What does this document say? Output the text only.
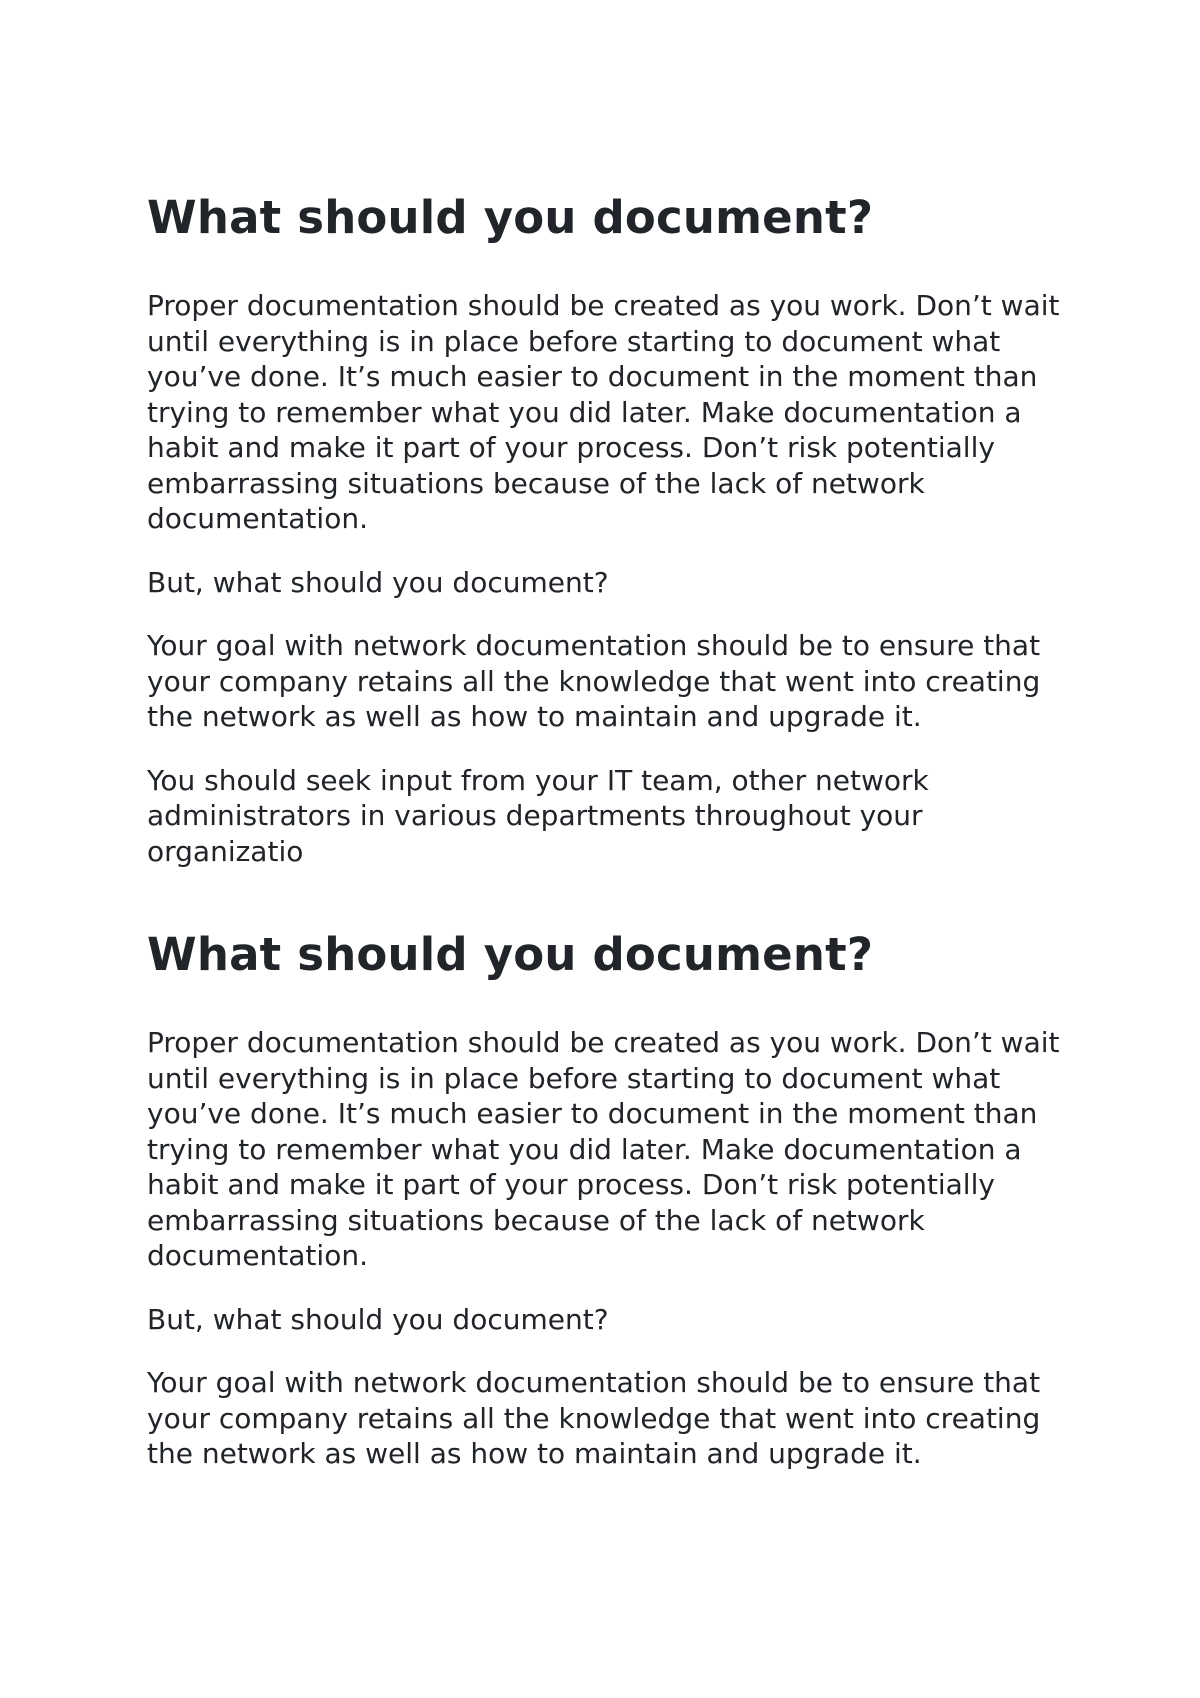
What should you document?

Proper documentation should be created as you work. Don’t wait until everything is in place before starting to document what you’ve done. It’s much easier to document in the moment than trying to remember what you did later. Make documentation a habit and make it part of your process. Don’t risk potentially embarrassing situations because of the lack of network documentation.

But, what should you document?

Your goal with network documentation should be to ensure that your company retains all the knowledge that went into creating the network as well as how to maintain and upgrade it.

You should seek input from your IT team, other network administrators in various departments throughout your organizatio

What should you document?

Proper documentation should be created as you work. Don’t wait until everything is in place before starting to document what you’ve done. It’s much easier to document in the moment than trying to remember what you did later. Make documentation a habit and make it part of your process. Don’t risk potentially embarrassing situations because of the lack of network documentation.

But, what should you document?

Your goal with network documentation should be to ensure that your company retains all the knowledge that went into creating the network as well as how to maintain and upgrade it.
